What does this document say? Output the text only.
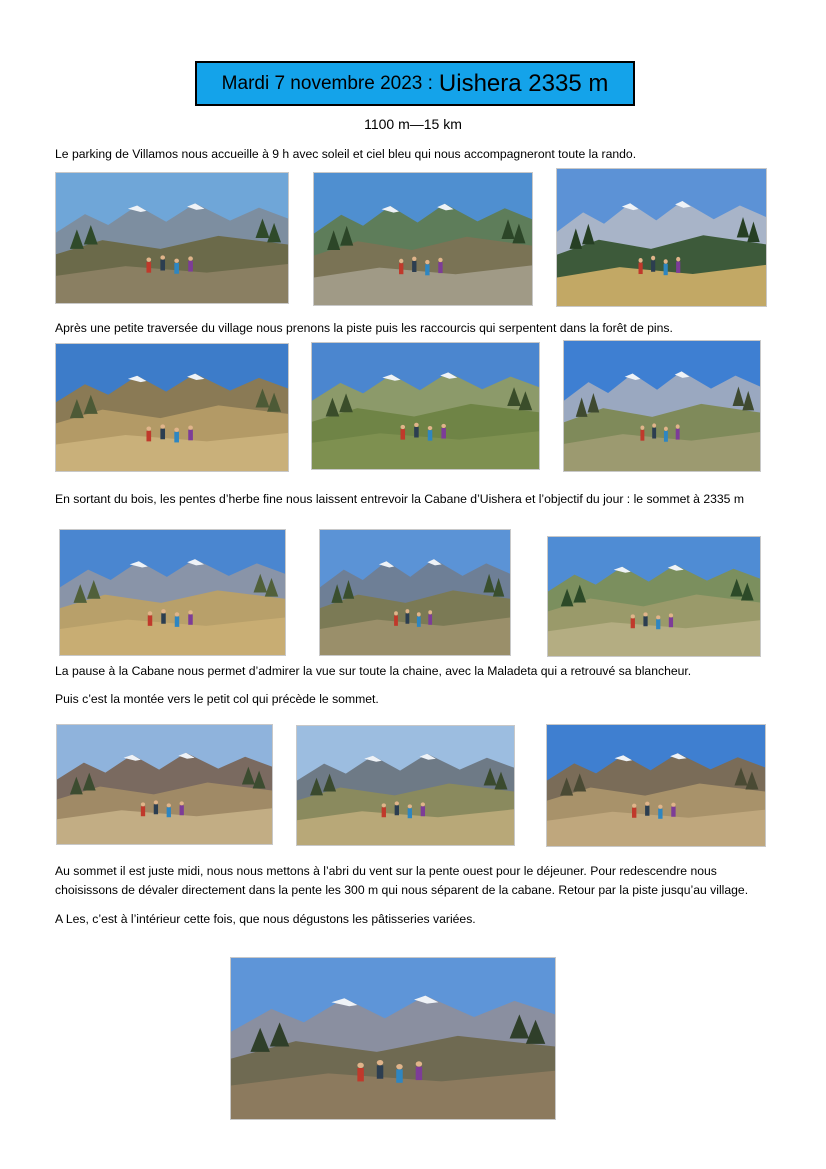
Mardi 7 novembre 2023 : Uishera 2335 m
1100 m—15 km
Le parking de Villamos nous accueille à 9 h avec soleil et ciel bleu qui nous accompagneront toute la rando.
Après une petite traversée du village nous prenons la piste puis les raccourcis qui serpentent dans la forêt de pins.
En sortant du bois, les pentes d’herbe fine nous laissent entrevoir la Cabane d’Uishera et l’objectif du jour : le sommet à 2335 m
La pause à la Cabane nous permet d’admirer la vue sur toute la chaine, avec la Maladeta qui a retrouvé sa blancheur.
Puis c’est la montée vers le petit col qui précède le sommet.
Au sommet il est juste midi, nous nous mettons à l’abri du vent sur la pente ouest pour le déjeuner. Pour redescendre nous
choisissons de dévaler directement dans la pente les 300 m qui nous séparent de la cabane. Retour par la piste jusqu’au village.
A Les, c’est à l’intérieur cette fois, que nous dégustons les pâtisseries variées.
